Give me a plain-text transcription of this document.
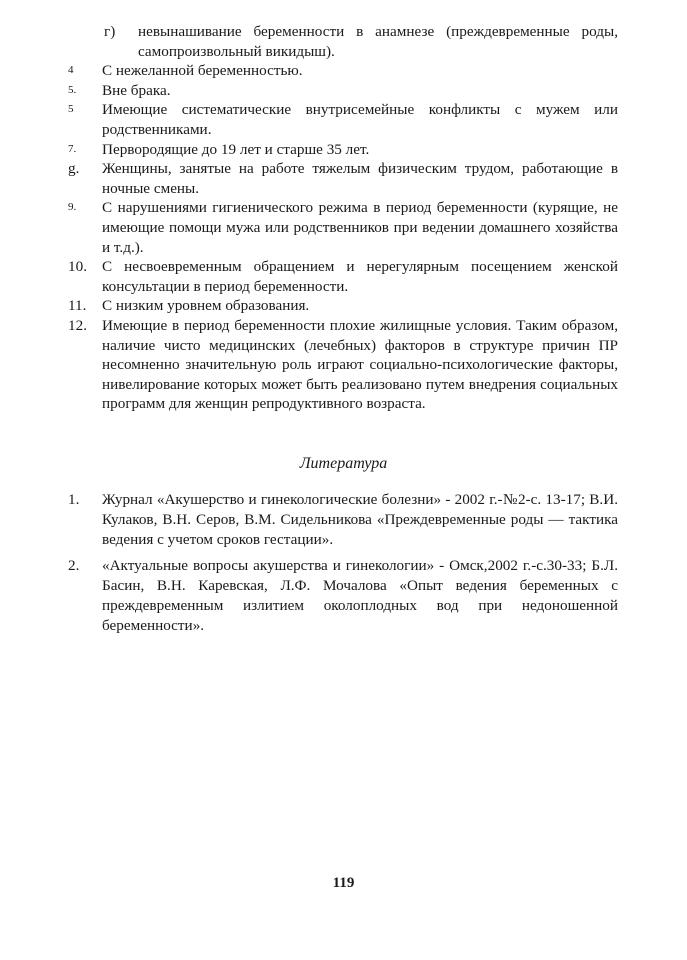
г)	невынашивание беременности в анамнезе (преждевременные роды, самопроизвольный викидыш).
4	С нежеланной беременностью.
5.	Вне брака.
5	Имеющие систематические внутрисемейные конфликты с мужем или родственниками.
7.	Первородящие до 19 лет и старше 35 лет.
g.	Женщины, занятые на работе тяжелым физическим трудом, работающие в ночные смены.
9.	С нарушениями гигиенического режима в период беременности (курящие, не имеющие помощи мужа или родственников при ведении домашнего хозяйства и т.д.).
10. С несвоевременным обращением и нерегулярным посещением женской консультации в период беременности.
11.	С низким уровнем образования.
12. Имеющие в период беременности плохие жилищные условия. Таким образом, наличие чисто медицинских (лечебных) факторов в структуре причин ПР несомненно значительную роль играют социально-психологические факторы, нивелирование которых может быть реализовано путем внедрения социальных программ для женщин репродуктивного возраста.
Литература
1.	Журнал «Акушерство и гинекологические болезни» - 2002 г.-№2-с. 13-17; В.И. Кулаков, В.Н. Серов, В.М. Сидельникова «Преждевременные роды — тактика ведения с учетом сроков гестации».
2.	«Актуальные вопросы акушерства и гинекологии» - Омск,2002 г.-с.30-33; Б.Л. Басин, В.Н. Каревская, Л.Ф. Мочалова «Опыт ведения беременных с преждевременным излитием околоплодных вод при недоношенной беременности».
119
